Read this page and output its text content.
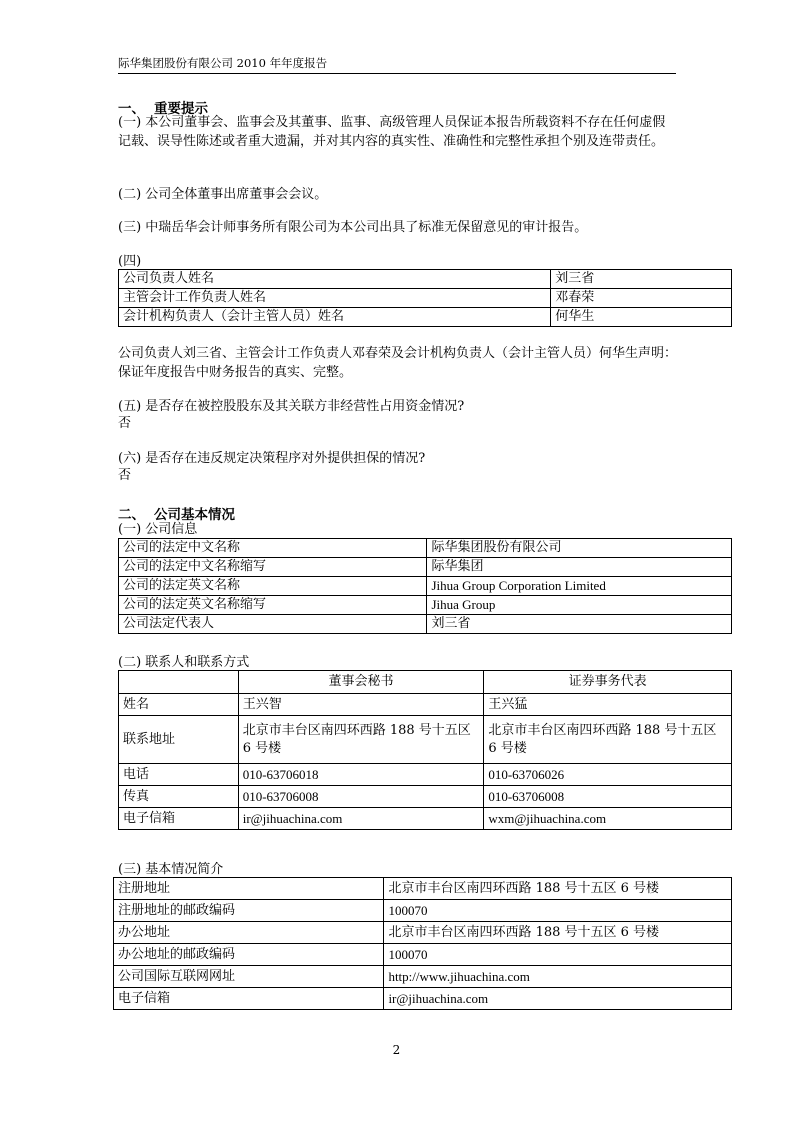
际华集团股份有限公司 2010 年年度报告
一、 重要提示
(一) 本公司董事会、监事会及其董事、监事、高级管理人员保证本报告所载资料不存在任何虚假记载、误导性陈述或者重大遗漏，并对其内容的真实性、准确性和完整性承担个别及连带责任。
(二) 公司全体董事出席董事会会议。
(三) 中瑞岳华会计师事务所有限公司为本公司出具了标准无保留意见的审计报告。
(四)
公司负责人姓名	刘三省
主管会计工作负责人姓名	邓春荣
会计机构负责人（会计主管人员）姓名	何华生
公司负责人刘三省、主管会计工作负责人邓春荣及会计机构负责人（会计主管人员）何华生声明：保证年度报告中财务报告的真实、完整。
(五) 是否存在被控股股东及其关联方非经营性占用资金情况?
否
(六) 是否存在违反规定决策程序对外提供担保的情况?
否
二、 公司基本情况
(一) 公司信息
公司的法定中文名称	际华集团股份有限公司
公司的法定中文名称缩写	际华集团
公司的法定英文名称	Jihua Group Corporation Limited
公司的法定英文名称缩写	Jihua Group
公司法定代表人	刘三省
(二) 联系人和联系方式
	董事会秘书	证券事务代表
姓名	王兴智	王兴猛
联系地址	北京市丰台区南四环西路 188 号十五区 6 号楼	北京市丰台区南四环西路 188 号十五区 6 号楼
电话	010-63706018	010-63706026
传真	010-63706008	010-63706008
电子信箱	ir@jihuachina.com	wxm@jihuachina.com
(三) 基本情况简介
注册地址	北京市丰台区南四环西路 188 号十五区 6 号楼
注册地址的邮政编码	100070
办公地址	北京市丰台区南四环西路 188 号十五区 6 号楼
办公地址的邮政编码	100070
公司国际互联网网址	http://www.jihuachina.com
电子信箱	ir@jihuachina.com
2
